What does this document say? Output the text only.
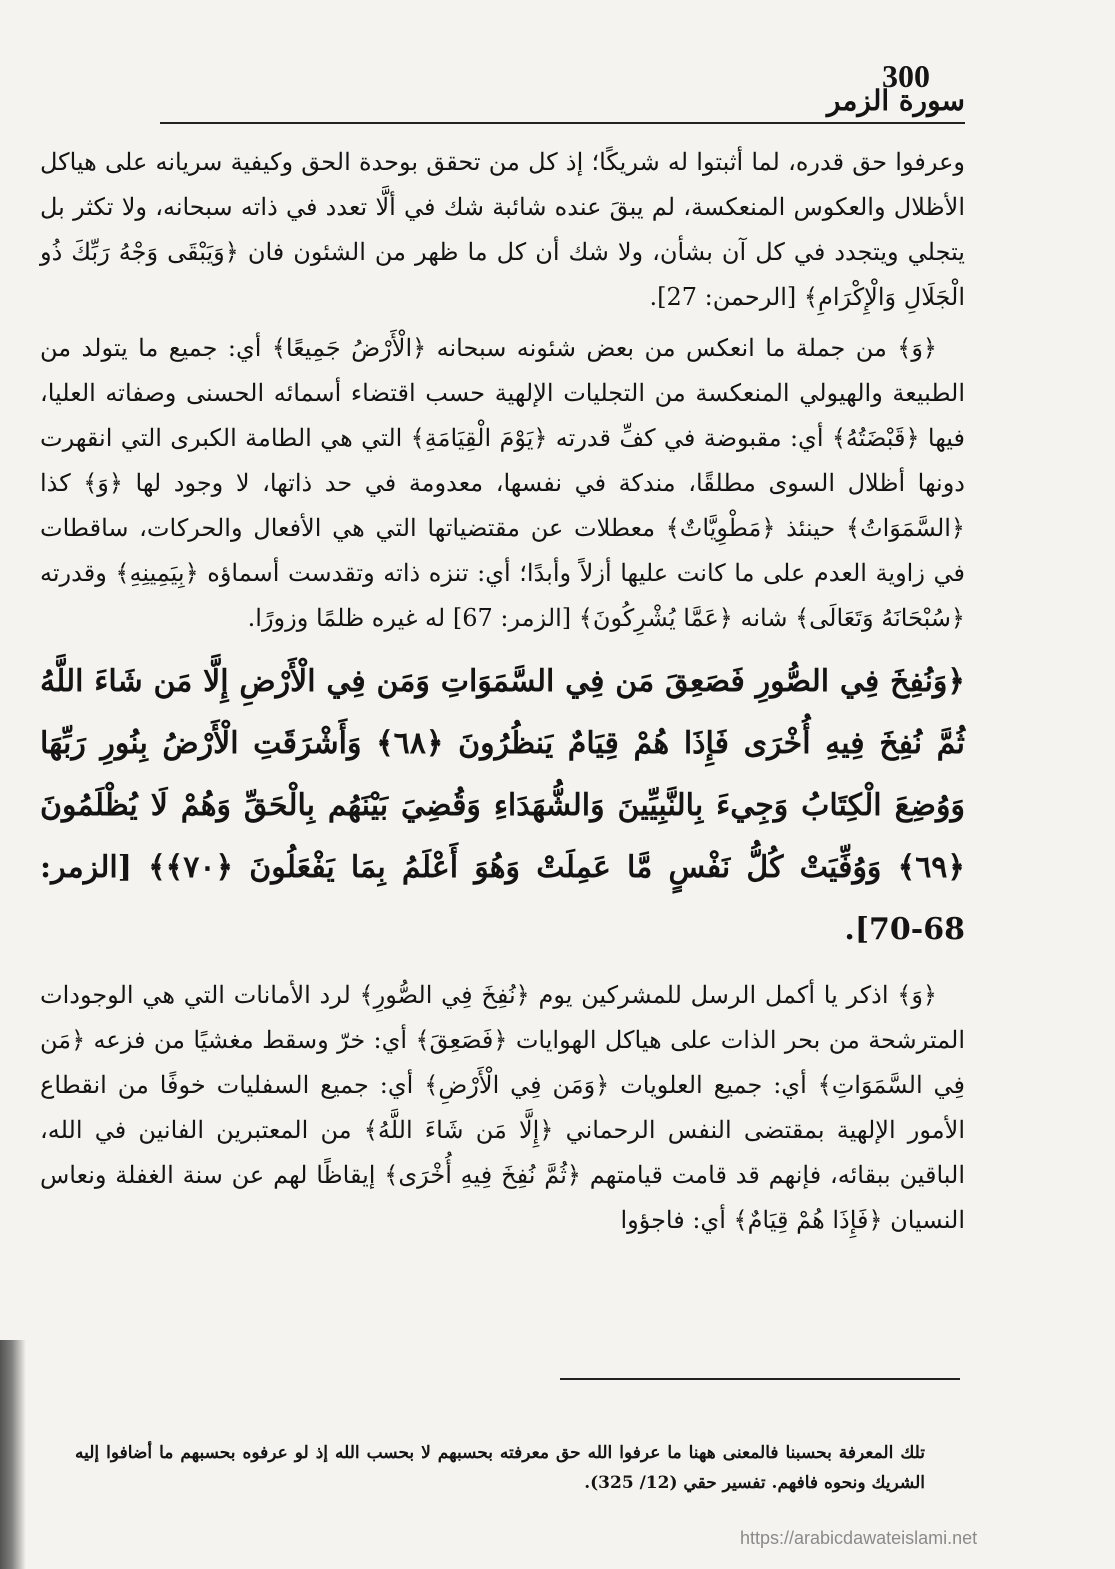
300
سورة الزمر

وعرفوا حق قدره، لما أثبتوا له شريكًا؛ إذ كل من تحقق بوحدة الحق وكيفية سريانه على هياكل الأظلال والعكوس المنعكسة، لم يبقَ عنده شائبة شك في ألَّا تعدد في ذاته سبحانه، ولا تكثر بل يتجلي ويتجدد في كل آن بشأن، ولا شك أن كل ما ظهر من الشئون فان ﴿وَيَبْقَى وَجْهُ رَبِّكَ ذُو الْجَلَالِ وَالْإِكْرَامِ﴾ [الرحمن: 27].

﴿وَ﴾ من جملة ما انعكس من بعض شئونه سبحانه ﴿الْأَرْضُ جَمِيعًا﴾ أي: جميع ما يتولد من الطبيعة والهيولي المنعكسة من التجليات الإلهية حسب اقتضاء أسمائه الحسنى وصفاته العليا، فيها ﴿قَبْضَتُهُ﴾ أي: مقبوضة في كفِّ قدرته ﴿يَوْمَ الْقِيَامَةِ﴾ التي هي الطامة الكبرى التي انقهرت دونها أظلال السوى مطلقًا، مندكة في نفسها، معدومة في حد ذاتها، لا وجود لها ﴿وَ﴾ كذا ﴿السَّمَوَاتُ﴾ حينئذ ﴿مَطْوِيَّاتٌ﴾ معطلات عن مقتضياتها التي هي الأفعال والحركات، ساقطات في زاوية العدم على ما كانت عليها أزلاً وأبدًا؛ أي: تنزه ذاته وتقدست أسماؤه ﴿بِيَمِينِهِ﴾ وقدرته ﴿سُبْحَانَهُ وَتَعَالَى﴾ شانه ﴿عَمَّا يُشْرِكُونَ﴾ [الزمر: 67] له غيره ظلمًا وزورًا.

﴿وَنُفِخَ فِي الصُّورِ فَصَعِقَ مَن فِي السَّمَوَاتِ وَمَن فِي الْأَرْضِ إِلَّا مَن شَاءَ اللَّهُ ثُمَّ نُفِخَ فِيهِ أُخْرَى فَإِذَا هُمْ قِيَامٌ يَنظُرُونَ ﴿٦٨﴾ وَأَشْرَقَتِ الْأَرْضُ بِنُورِ رَبِّهَا وَوُضِعَ الْكِتَابُ وَجِيءَ بِالنَّبِيِّينَ وَالشُّهَدَاءِ وَقُضِيَ بَيْنَهُم بِالْحَقِّ وَهُمْ لَا يُظْلَمُونَ ﴿٦٩﴾ وَوُفِّيَتْ كُلُّ نَفْسٍ مَّا عَمِلَتْ وَهُوَ أَعْلَمُ بِمَا يَفْعَلُونَ ﴿٧٠﴾﴾ [الزمر: 68-70].

﴿وَ﴾ اذكر يا أكمل الرسل للمشركين يوم ﴿نُفِخَ فِي الصُّورِ﴾ لرد الأمانات التي هي الوجودات المترشحة من بحر الذات على هياكل الهوايات ﴿فَصَعِقَ﴾ أي: خرّ وسقط مغشيًا من فزعه ﴿مَن فِي السَّمَوَاتِ﴾ أي: جميع العلويات ﴿وَمَن فِي الْأَرْضِ﴾ أي: جميع السفليات خوفًا من انقطاع الأمور الإلهية بمقتضى النفس الرحماني ﴿إِلَّا مَن شَاءَ اللَّهُ﴾ من المعتبرين الفانين في الله، الباقين ببقائه، فإنهم قد قامت قيامتهم ﴿ثُمَّ نُفِخَ فِيهِ أُخْرَى﴾ إيقاظًا لهم عن سنة الغفلة ونعاس النسيان ﴿فَإِذَا هُمْ قِيَامٌ﴾ أي: فاجؤوا

تلك المعرفة بحسبنا فالمعنى ههنا ما عرفوا الله حق معرفته بحسبهم لا بحسب الله إذ لو عرفوه بحسبهم ما أضافوا إليه الشريك ونحوه فافهم. تفسير حقي (12/ 325).
https://arabicdawateislami.net
